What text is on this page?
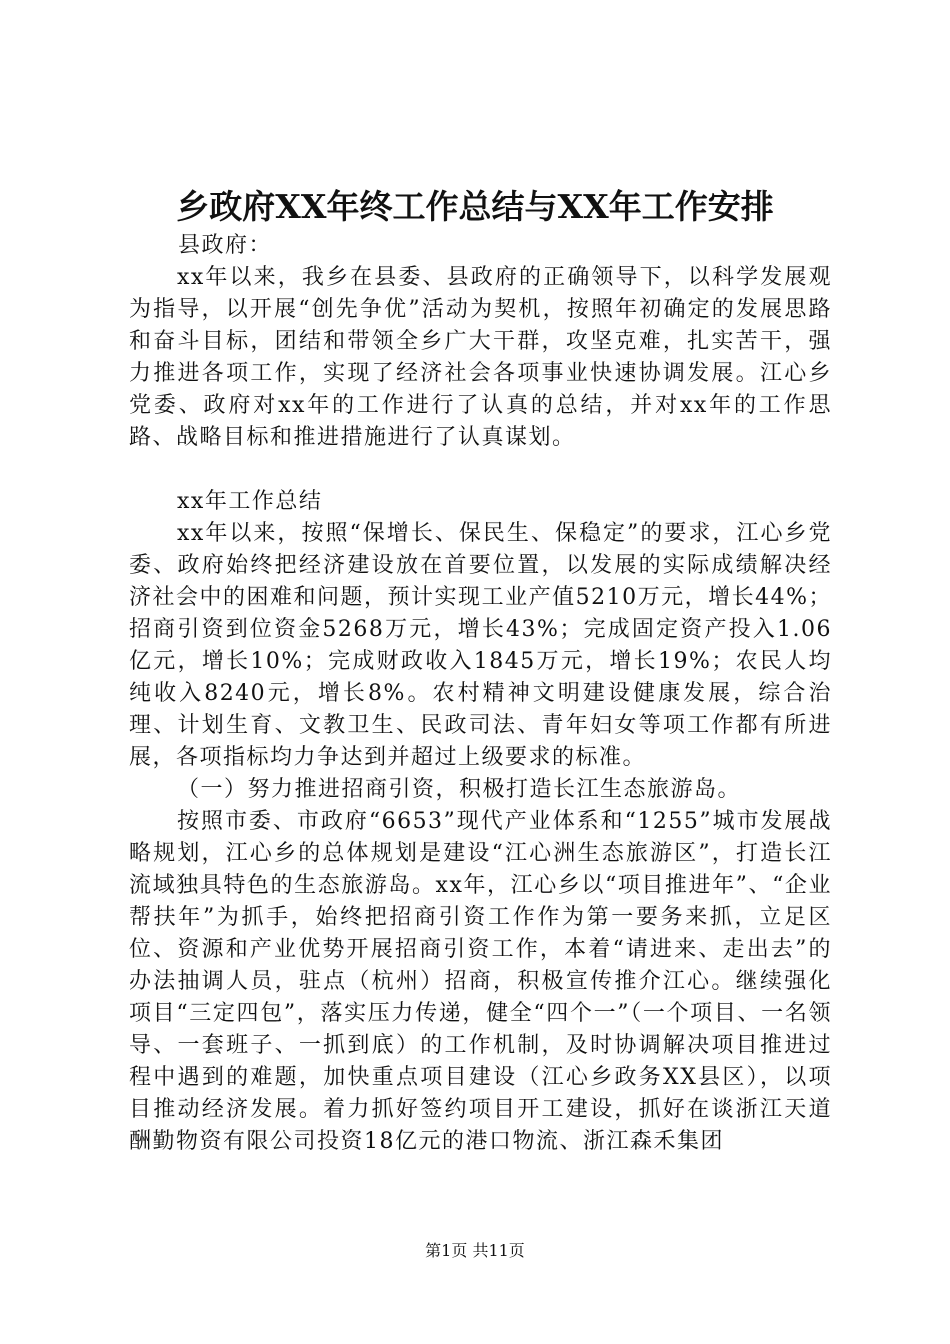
乡政府XX年终工作总结与XX年工作安排
县政府：

xx年以来，我乡在县委、县政府的正确领导下，以科学发展观为指导，以开展“创先争优”活动为契机，按照年初确定的发展思路和奋斗目标，团结和带领全乡广大干群，攻坚克难，扎实苦干，强力推进各项工作，实现了经济社会各项事业快速协调发展。江心乡党委、政府对xx年的工作进行了认真的总结，并对xx年的工作思路、战略目标和推进措施进行了认真谋划。

xx年工作总结

xx年以来，按照“保增长、保民生、保稳定”的要求，江心乡党委、政府始终把经济建设放在首要位置，以发展的实际成绩解决经济社会中的困难和问题，预计实现工业产值5210万元，增长44%；招商引资到位资金5268万元，增长43%；完成固定资产投入1.06亿元，增长10%；完成财政收入1845万元，增长19%；农民人均纯收入8240元，增长8%。农村精神文明建设健康发展，综合治理、计划生育、文教卫生、民政司法、青年妇女等项工作都有所进展，各项指标均力争达到并超过上级要求的标准。

（一）努力推进招商引资，积极打造长江生态旅游岛。

按照市委、市政府“6653”现代产业体系和“1255”城市发展战略规划，江心乡的总体规划是建设“江心洲生态旅游区”，打造长江流域独具特色的生态旅游岛。xx年，江心乡以“项目推进年”、“企业帮扶年”为抓手，始终把招商引资工作作为第一要务来抓，立足区位、资源和产业优势开展招商引资工作，本着“请进来、走出去”的办法抽调人员，驻点（杭州）招商，积极宣传推介江心。继续强化项目“三定四包”，落实压力传递，健全“四个一”（一个项目、一名领导、一套班子、一抓到底）的工作机制，及时协调解决项目推进过程中遇到的难题，加快重点项目建设（江心乡政务XX县区），以项目推动经济发展。着力抓好签约项目开工建设，抓好在谈浙江天道酬勤物资有限公司投资18亿元的港口物流、浙江森禾集团

第1页 共11页
